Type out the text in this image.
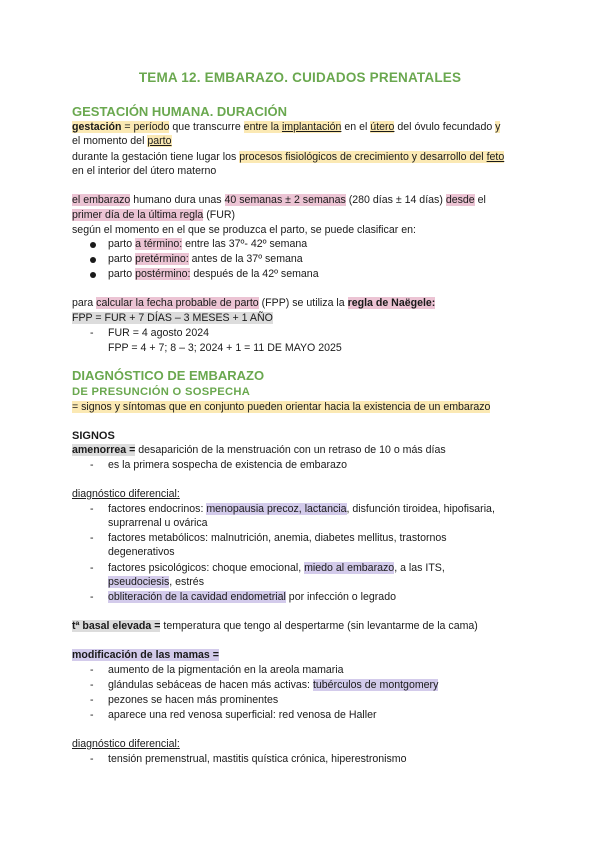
TEMA 12. EMBARAZO. CUIDADOS PRENATALES
GESTACIÓN HUMANA. DURACIÓN
gestación = período que transcurre entre la implantación en el útero del óvulo fecundado y
el momento del parto
durante la gestación tiene lugar los procesos fisiológicos de crecimiento y desarrollo del feto
en el interior del útero materno
el embarazo humano dura unas 40 semanas ± 2 semanas (280 días ± 14 días) desde el
primer día de la última regla (FUR)
según el momento en el que se produzca el parto, se puede clasificar en:
parto a término: entre las 37º- 42º semana
parto pretérmino: antes de la 37º semana
parto postérmino: después de la 42º semana
para calcular la fecha probable de parto (FPP) se utiliza la regla de Naëgele:
FPP = FUR + 7 DÍAS – 3 MESES + 1 AÑO
- FUR = 4 agosto 2024
FPP = 4 + 7; 8 – 3; 2024 + 1 = 11 DE MAYO 2025
DIAGNÓSTICO DE EMBARAZO
DE PRESUNCIÓN O SOSPECHA
= signos y síntomas que en conjunto pueden orientar hacia la existencia de un embarazo
SIGNOS
amenorrea = desaparición de la menstruación con un retraso de 10 o más días
- es la primera sospecha de existencia de embarazo
diagnóstico diferencial:
- factores endocrinos: menopausia precoz, lactancia, disfunción tiroidea, hipofisaria,
suprarrenal u ovárica
- factores metabólicos: malnutrición, anemia, diabetes mellitus, trastornos
degenerativos
- factores psicológicos: choque emocional, miedo al embarazo, a las ITS,
pseudociesis, estrés
- obliteración de la cavidad endometrial por infección o legrado
tª basal elevada = temperatura que tengo al despertarme (sin levantarme de la cama)
modificación de las mamas =
- aumento de la pigmentación en la areola mamaria
- glándulas sebáceas de hacen más activas: tubérculos de montgomery
- pezones se hacen más prominentes
- aparece una red venosa superficial: red venosa de Haller
diagnóstico diferencial:
- tensión premenstrual, mastitis quística crónica, hiperestronismo
